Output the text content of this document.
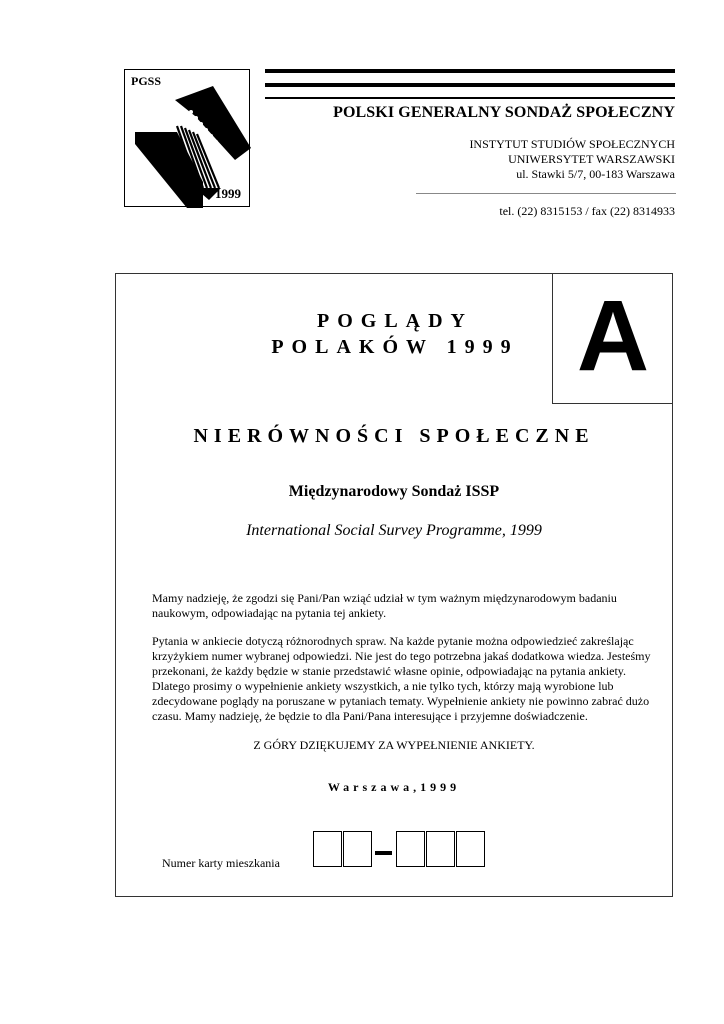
PGSS
1999
POLSKI GENERALNY SONDAŻ SPOŁECZNY
INSTYTUT STUDIÓW SPOŁECZNYCH
UNIWERSYTET WARSZAWSKI
ul. Stawki 5/7, 00-183 Warszawa
tel. (22) 8315153 / fax (22) 8314933
A
POGLĄDY
POLAKÓW 1999
NIERÓWNOŚCI SPOŁECZNE
Międzynarodowy Sondaż ISSP
International Social Survey Programme, 1999

Mamy nadzieję, że zgodzi się Pani/Pan wziąć udział w tym ważnym międzynarodowym badaniu naukowym, odpowiadając na pytania tej ankiety.

Pytania w ankiecie dotyczą różnorodnych spraw. Na każde pytanie można odpowiedzieć zakreślając krzyżykiem numer wybranej odpowiedzi. Nie jest do tego potrzebna jakaś dodatkowa wiedza. Jesteśmy przekonani, że każdy będzie w stanie przedstawić własne opinie, odpowiadając na pytania ankiety. Dlatego prosimy o wypełnienie ankiety wszystkich, a nie tylko tych, którzy mają wyrobione lub zdecydowane poglądy na poruszane w pytaniach tematy. Wypełnienie ankiety nie powinno zabrać dużo czasu. Mamy nadzieję, że będzie to dla Pani/Pana interesujące i przyjemne doświadczenie.

Z GÓRY DZIĘKUJEMY ZA WYPEŁNIENIE ANKIETY.
Warszawa,1999
Numer karty mieszkania
